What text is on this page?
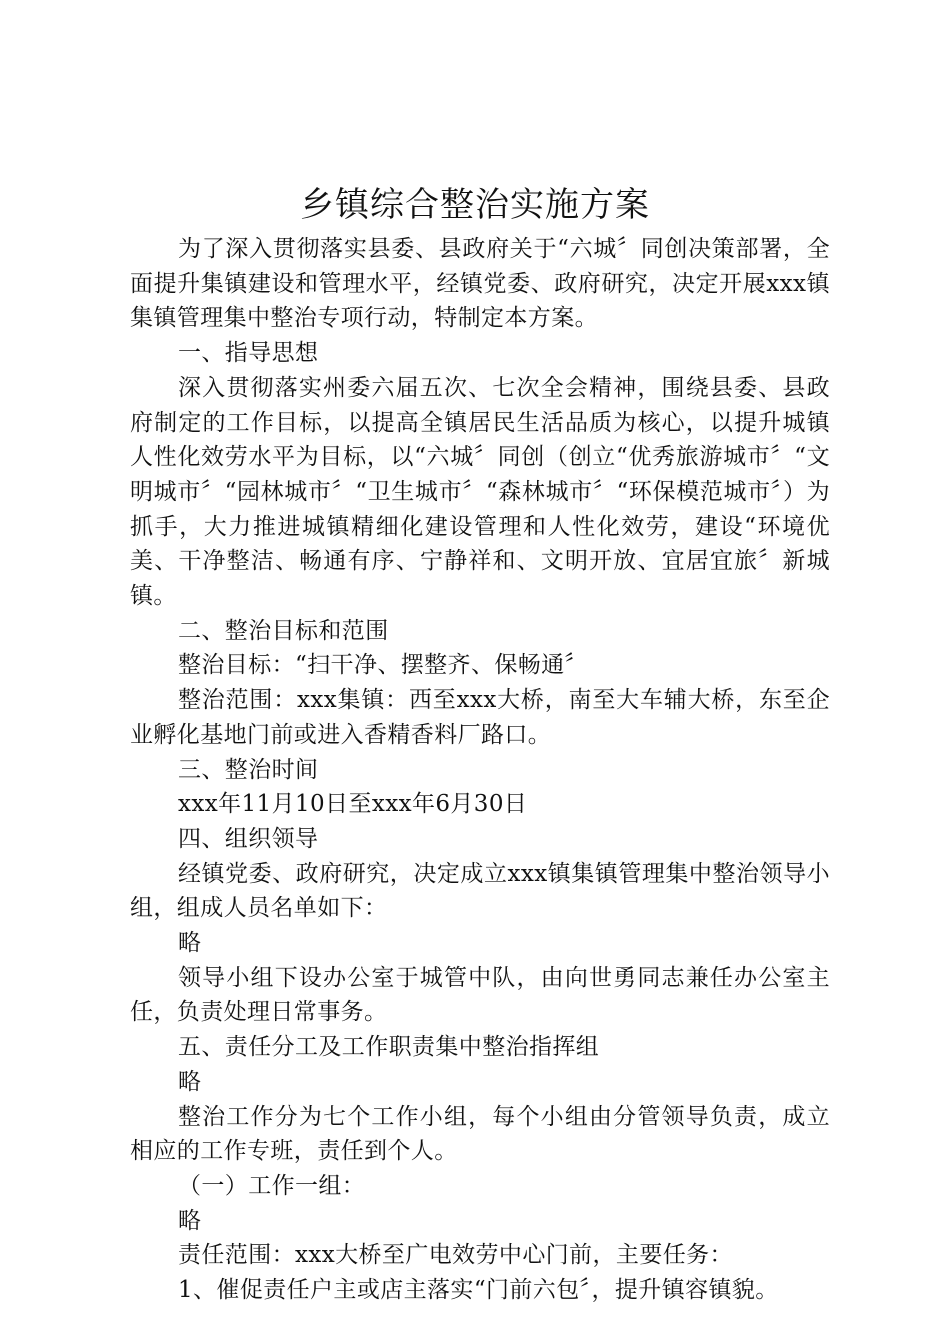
乡镇综合整治实施方案

为了深入贯彻落实县委、县政府关于“六城〞同创决策部署，全面提升集镇建设和管理水平，经镇党委、政府研究，决定开展xxx镇集镇管理集中整治专项行动，特制定本方案。

一、指导思想

深入贯彻落实州委六届五次、七次全会精神，围绕县委、县政府制定的工作目标，以提高全镇居民生活品质为核心，以提升城镇人性化效劳水平为目标，以“六城〞同创（创立“优秀旅游城市〞“文明城市〞“园林城市〞“卫生城市〞“森林城市〞“环保模范城市〞）为抓手，大力推进城镇精细化建设管理和人性化效劳，建设“环境优美、干净整洁、畅通有序、宁静祥和、文明开放、宜居宜旅〞新城镇。

二、整治目标和范围

整治目标：“扫干净、摆整齐、保畅通〞

整治范围：xxx集镇：西至xxx大桥，南至大车辅大桥，东至企业孵化基地门前或进入香精香料厂路口。

三、整治时间

xxx年11月10日至xxx年6月30日

四、组织领导

经镇党委、政府研究，决定成立xxx镇集镇管理集中整治领导小组，组成人员名单如下：

略

领导小组下设办公室于城管中队，由向世勇同志兼任办公室主任，负责处理日常事务。

五、责任分工及工作职责集中整治指挥组

略

整治工作分为七个工作小组，每个小组由分管领导负责，成立相应的工作专班，责任到个人。

（一）工作一组：

略

责任范围：xxx大桥至广电效劳中心门前，主要任务：

1、催促责任户主或店主落实“门前六包〞，提升镇容镇貌。
